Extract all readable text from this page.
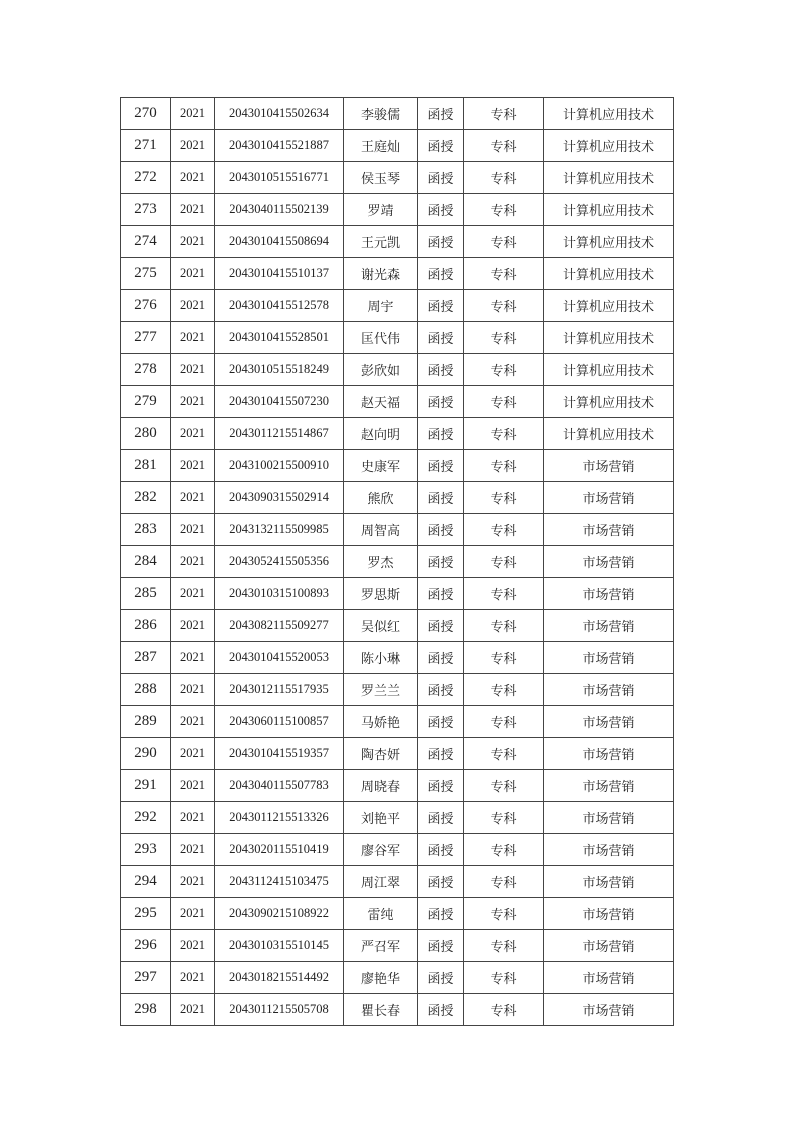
270	2021	2043010415502634	李骏儒	函授	专科	计算机应用技术
271	2021	2043010415521887	王庭灿	函授	专科	计算机应用技术
272	2021	2043010515516771	侯玉琴	函授	专科	计算机应用技术
273	2021	2043040115502139	罗靖	函授	专科	计算机应用技术
274	2021	2043010415508694	王元凯	函授	专科	计算机应用技术
275	2021	2043010415510137	谢光森	函授	专科	计算机应用技术
276	2021	2043010415512578	周宇	函授	专科	计算机应用技术
277	2021	2043010415528501	匡代伟	函授	专科	计算机应用技术
278	2021	2043010515518249	彭欣如	函授	专科	计算机应用技术
279	2021	2043010415507230	赵天福	函授	专科	计算机应用技术
280	2021	2043011215514867	赵向明	函授	专科	计算机应用技术
281	2021	2043100215500910	史康军	函授	专科	市场营销
282	2021	2043090315502914	熊欣	函授	专科	市场营销
283	2021	2043132115509985	周智高	函授	专科	市场营销
284	2021	2043052415505356	罗杰	函授	专科	市场营销
285	2021	2043010315100893	罗思斯	函授	专科	市场营销
286	2021	2043082115509277	吴似红	函授	专科	市场营销
287	2021	2043010415520053	陈小琳	函授	专科	市场营销
288	2021	2043012115517935	罗兰兰	函授	专科	市场营销
289	2021	2043060115100857	马娇艳	函授	专科	市场营销
290	2021	2043010415519357	陶杏妍	函授	专科	市场营销
291	2021	2043040115507783	周晓春	函授	专科	市场营销
292	2021	2043011215513326	刘艳平	函授	专科	市场营销
293	2021	2043020115510419	廖谷军	函授	专科	市场营销
294	2021	2043112415103475	周江翠	函授	专科	市场营销
295	2021	2043090215108922	雷纯	函授	专科	市场营销
296	2021	2043010315510145	严召军	函授	专科	市场营销
297	2021	2043018215514492	廖艳华	函授	专科	市场营销
298	2021	2043011215505708	瞿长春	函授	专科	市场营销
